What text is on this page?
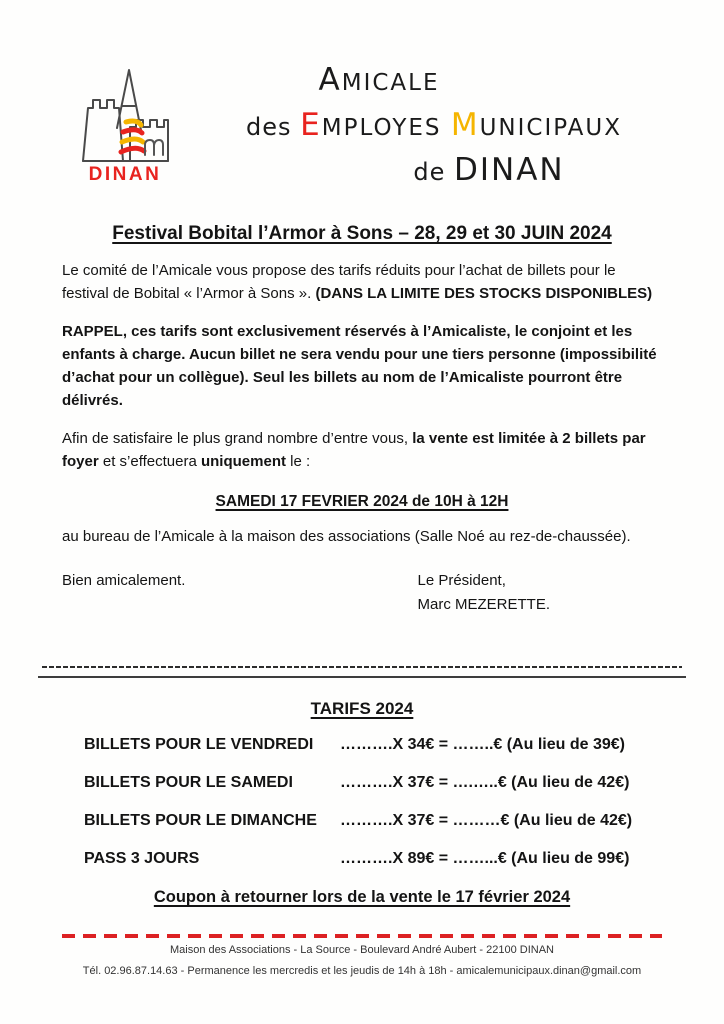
DINAN
AMICALE
des EMPLOYES MUNICIPAUX
de DINAN
Festival Bobital l’Armor à Sons – 28, 29 et 30 JUIN 2024

Le comité de l’Amicale vous propose des tarifs réduits pour l’achat de billets pour le festival de Bobital « l’Armor à Sons ». (DANS LA LIMITE DES STOCKS DISPONIBLES)

RAPPEL, ces tarifs sont exclusivement réservés à l’Amicaliste, le conjoint et les enfants à charge. Aucun billet ne sera vendu pour une tiers personne (impossibilité d’achat pour un collègue). Seul les billets au nom de l’Amicaliste pourront être délivrés.

Afin de satisfaire le plus grand nombre d’entre vous, la vente est limitée à 2 billets par foyer et s’effectuera uniquement le :

SAMEDI 17 FEVRIER 2024 de 10H à 12H

au bureau de l’Amicale à la maison des associations (Salle Noé au rez-de-chaussée).

Bien amicalement.	Le Président,
Marc MEZERETTE.
TARIFS 2024
BILLETS POUR LE VENDREDI	……….X 34€ = ……..€ (Au lieu de 39€)
BILLETS POUR LE SAMEDI	……….X 37€ = ….…..€ (Au lieu de 42€)
BILLETS POUR LE DIMANCHE	……….X 37€ = ………€ (Au lieu de 42€)
PASS 3 JOURS	……….X 89€ = ……...€ (Au lieu de 99€)

Coupon à retourner lors de la vente le 17 février 2024

Maison des Associations - La Source - Boulevard André Aubert - 22100 DINAN
Tél. 02.96.87.14.63 - Permanence les mercredis et les jeudis de 14h à 18h - amicalemunicipaux.dinan@gmail.com
